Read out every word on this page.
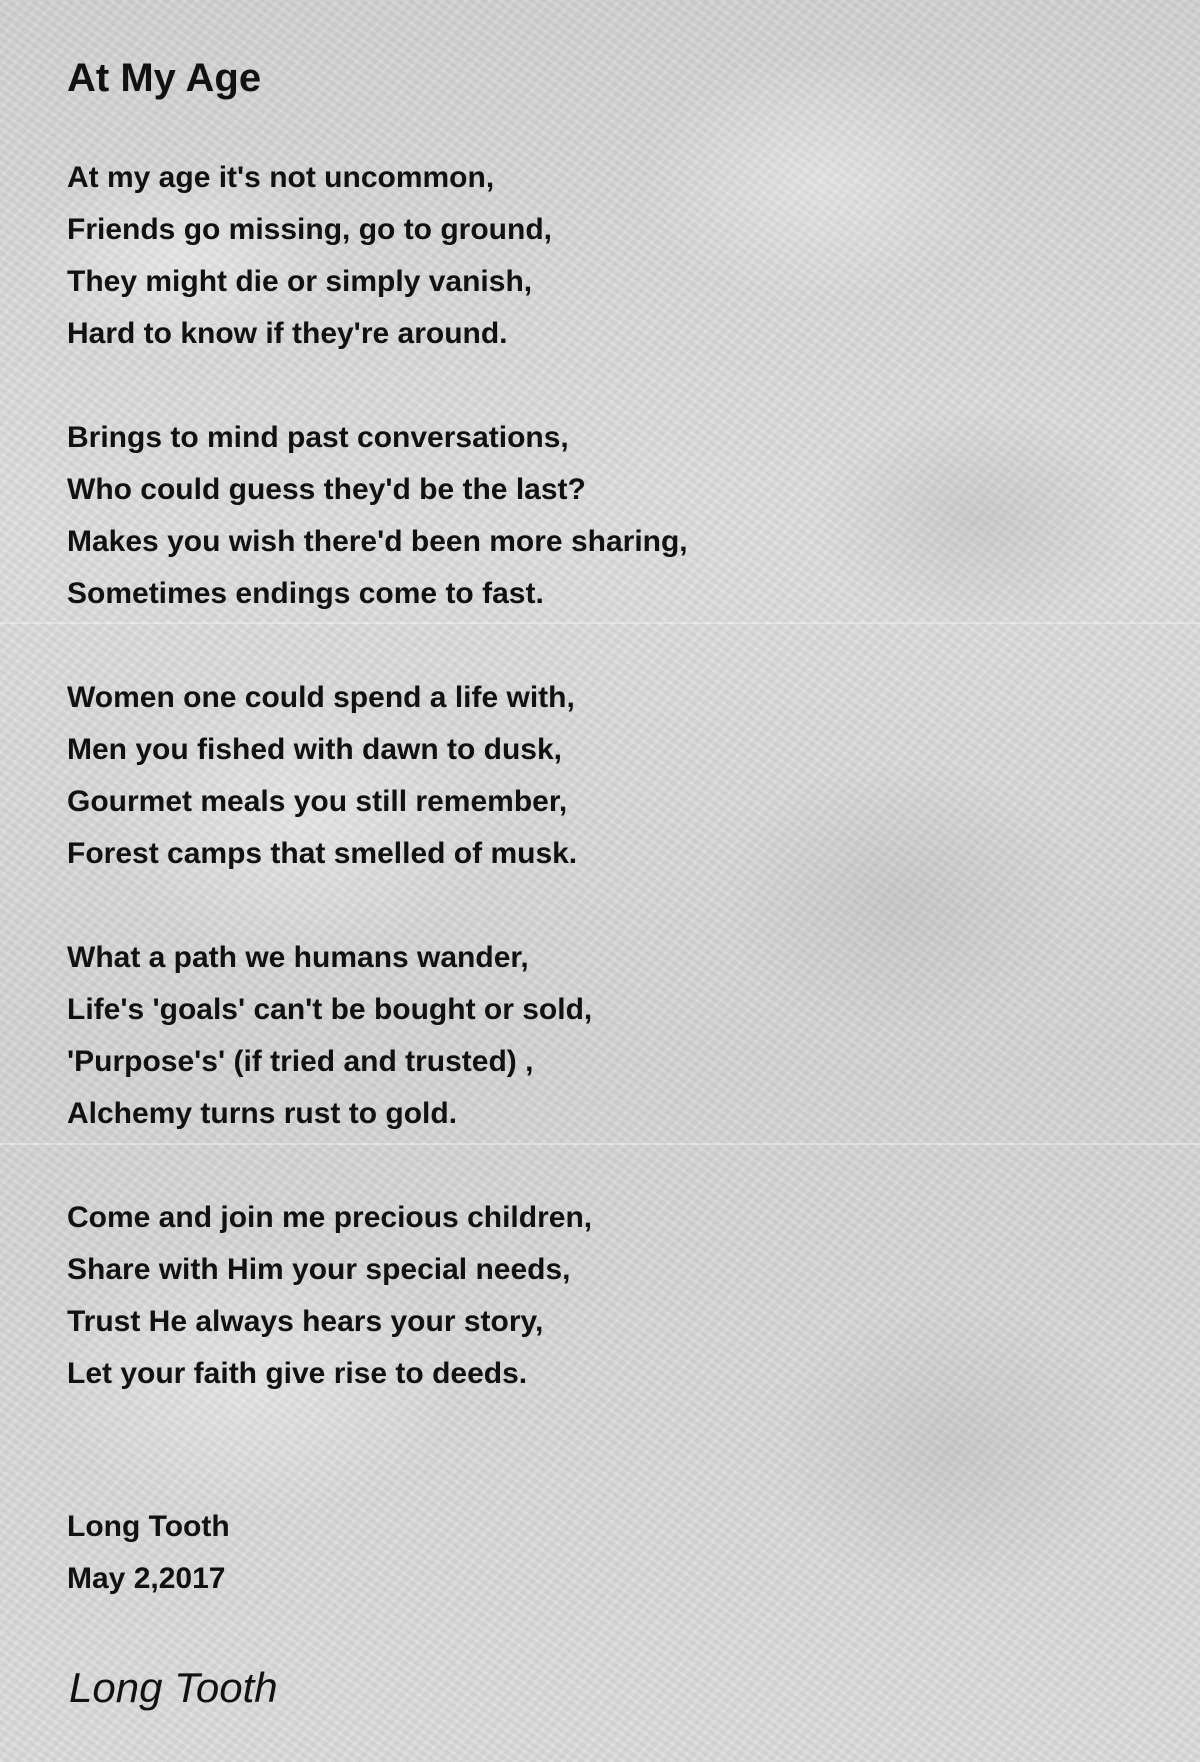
At My Age
At my age it's not uncommon,
Friends go missing, go to ground,
They might die or simply vanish,
Hard to know if they're around.
Brings to mind past conversations,
Who could guess they'd be the last?
Makes you wish there'd been more sharing,
Sometimes endings come to fast.
Women one could spend a life with,
Men you fished with dawn to dusk,
Gourmet meals you still remember,
Forest camps that smelled of musk.
What a path we humans wander,
Life's 'goals' can't be bought or sold,
'Purpose's' (if tried and trusted) ,
Alchemy turns rust to gold.
Come and join me precious children,
Share with Him your special needs,
Trust He always hears your story,
Let your faith give rise to deeds.
Long Tooth
May 2,2017
Long Tooth
